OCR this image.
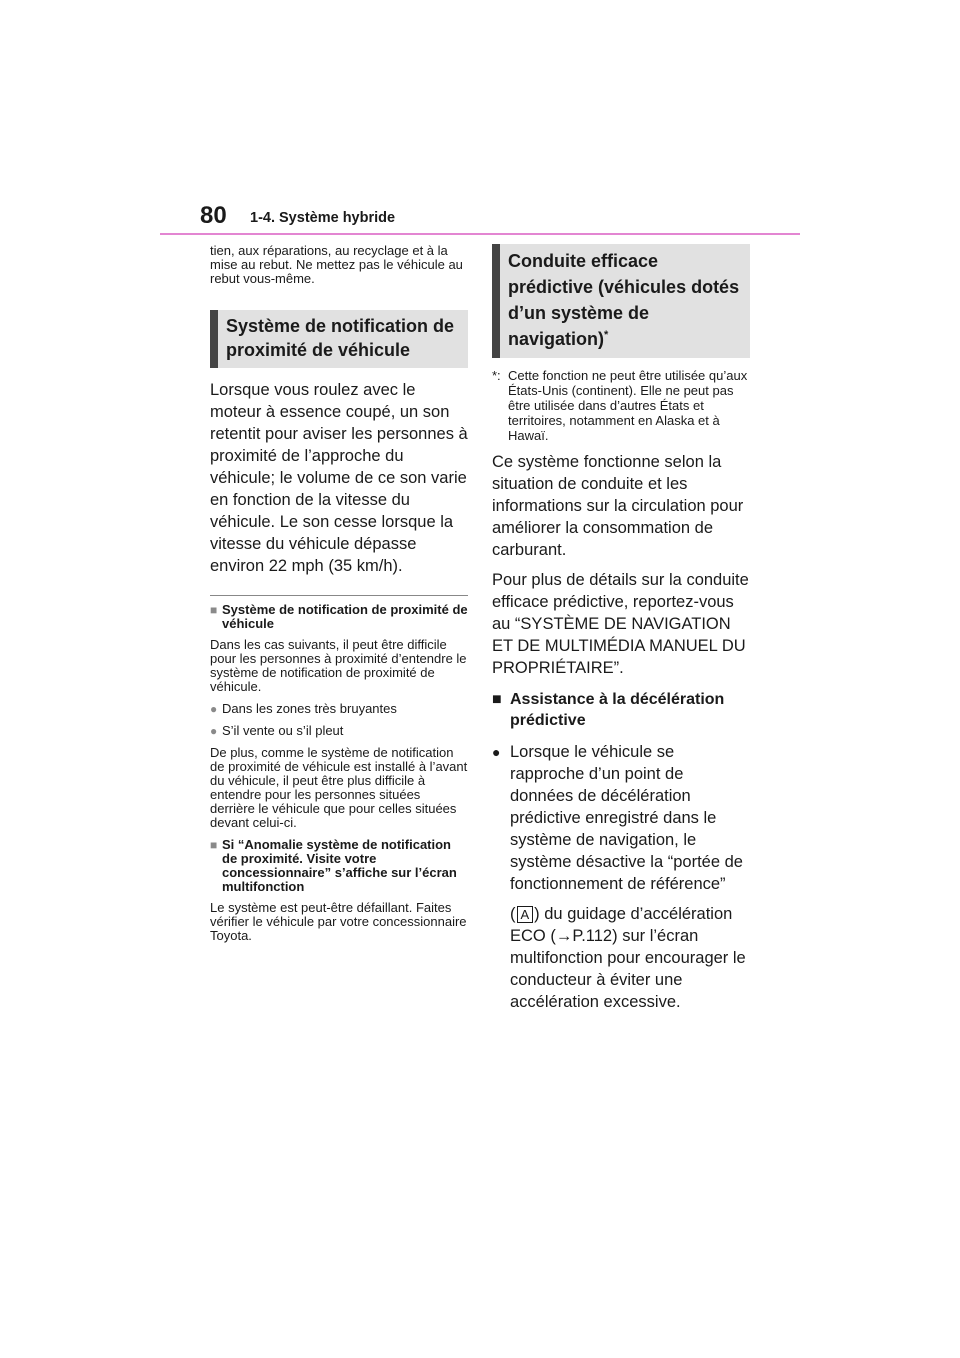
80 1-4. Système hybride

tien, aux réparations, au recyclage et à la mise au rebut. Ne mettez pas le véhicule au rebut vous-même.

Système de notification de proximité de véhicule

Lorsque vous roulez avec le moteur à essence coupé, un son retentit pour aviser les personnes à proximité de l’approche du véhicule; le volume de ce son varie en fonction de la vitesse du véhicule. Le son cesse lorsque la vitesse du véhicule dépasse environ 22 mph (35 km/h).

■ Système de notification de proximité de véhicule

Dans les cas suivants, il peut être difficile pour les personnes à proximité d’entendre le système de notification de proximité de véhicule.

● Dans les zones très bruyantes
● S’il vente ou s’il pleut

De plus, comme le système de notification de proximité de véhicule est installé à l’avant du véhicule, il peut être plus difficile à entendre pour les personnes situées derrière le véhicule que pour celles situées devant celui-ci.

■ Si “Anomalie système de notification de proximité. Visite votre concessionnaire” s’affiche sur l’écran multifonction

Le système est peut-être défaillant. Faites vérifier le véhicule par votre concessionnaire Toyota.

Conduite efficace prédictive (véhicules dotés d’un système de navigation)*
*: Cette fonction ne peut être utilisée qu’aux États-Unis (continent). Elle ne peut pas être utilisée dans d’autres États et territoires, notamment en Alaska et à Hawaï.

Ce système fonctionne selon la situation de conduite et les informations sur la circulation pour améliorer la consommation de carburant.

Pour plus de détails sur la conduite efficace prédictive, reportez-vous au “SYSTÈME DE NAVIGATION ET DE MULTIMÉDIA MANUEL DU PROPRIÉTAIRE”.

■ Assistance à la décélération prédictive
● Lorsque le véhicule se rapproche d’un point de données de décélération prédictive enregistré dans le système de navigation, le système désactive la “portée de fonctionnement de référence”
( A ) du guidage d’accélération ECO (→P.112) sur l’écran multifonction pour encourager le conducteur à éviter une accélération excessive.
